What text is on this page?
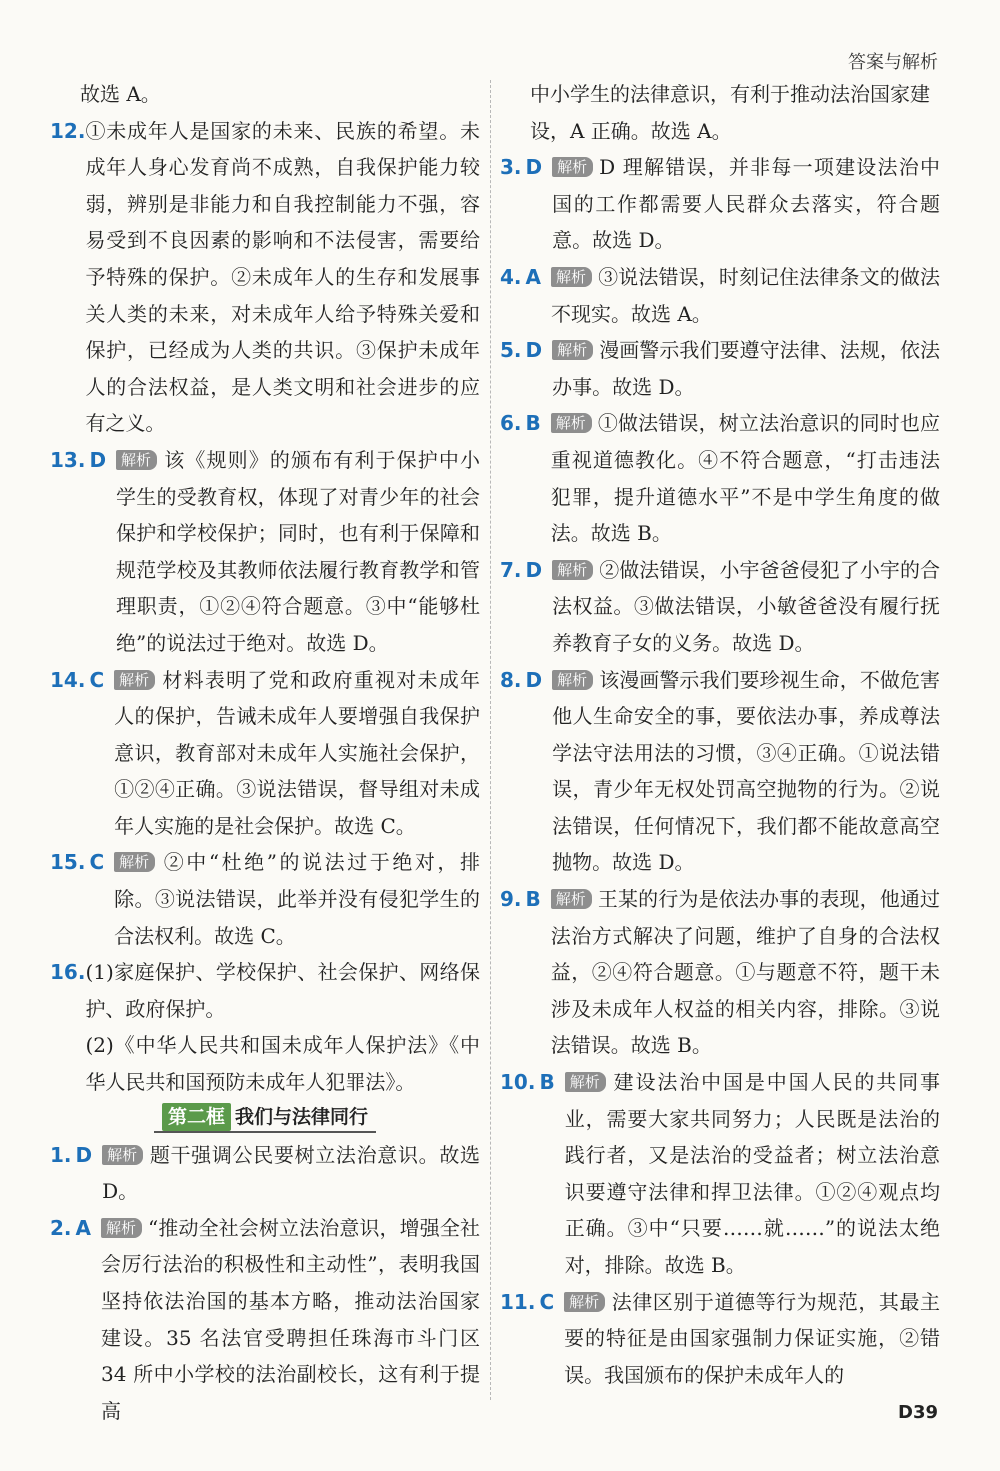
答案与解析
故选 A。
12. ①未成年人是国家的未来、民族的希望。未成年人身心发育尚不成熟，自我保护能力较弱，辨别是非能力和自我控制能力不强，容易受到不良因素的影响和不法侵害，需要给予特殊的保护。②未成年人的生存和发展事关人类的未来，对未成年人给予特殊关爱和保护，已经成为人类的共识。③保护未成年人的合法权益，是人类文明和社会进步的应有之义。
13. D	解析 该《规则》的颁布有利于保护中小学生的受教育权，体现了对青少年的社会保护和学校保护；同时，也有利于保障和规范学校及其教师依法履行教育教学和管理职责，①②④符合题意。③中“能够杜绝”的说法过于绝对。故选 D。
14. C	解析 材料表明了党和政府重视对未成年人的保护，告诫未成年人要增强自我保护意识，教育部对未成年人实施社会保护，①②④正确。③说法错误，督导组对未成年人实施的是社会保护。故选 C。
15. C	解析 ②中“杜绝”的说法过于绝对，排除。③说法错误，此举并没有侵犯学生的合法权利。故选 C。
16. (1)家庭保护、学校保护、社会保护、网络保护、政府保护。
(2)《中华人民共和国未成年人保护法》《中华人民共和国预防未成年人犯罪法》。
第二框 我们与法律同行
1. D	解析 题干强调公民要树立法治意识。故选 D。
2. A	解析 “推动全社会树立法治意识，增强全社会厉行法治的积极性和主动性”，表明我国坚持依法治国的基本方略，推动法治国家建设。35 名法官受聘担任珠海市斗门区 34 所中小学校的法治副校长，这有利于提高
中小学生的法律意识，有利于推动法治国家建设，A 正确。故选 A。
3. D	解析 D 理解错误，并非每一项建设法治中国的工作都需要人民群众去落实，符合题意。故选 D。
4. A	解析 ③说法错误，时刻记住法律条文的做法不现实。故选 A。
5. D	解析 漫画警示我们要遵守法律、法规，依法办事。故选 D。
6. B	解析 ①做法错误，树立法治意识的同时也应重视道德教化。④不符合题意，“打击违法犯罪，提升道德水平”不是中学生角度的做法。故选 B。
7. D	解析 ②做法错误，小宇爸爸侵犯了小宇的合法权益。③做法错误，小敏爸爸没有履行抚养教育子女的义务。故选 D。
8. D	解析 该漫画警示我们要珍视生命，不做危害他人生命安全的事，要依法办事，养成尊法学法守法用法的习惯，③④正确。①说法错误，青少年无权处罚高空抛物的行为。②说法错误，任何情况下，我们都不能故意高空抛物。故选 D。
9. B	解析 王某的行为是依法办事的表现，他通过法治方式解决了问题，维护了自身的合法权益，②④符合题意。①与题意不符，题干未涉及未成年人权益的相关内容，排除。③说法错误。故选 B。
10. B	解析 建设法治中国是中国人民的共同事业，需要大家共同努力；人民既是法治的践行者，又是法治的受益者；树立法治意识要遵守法律和捍卫法律。①②④观点均正确。③中“只要……就……”的说法太绝对，排除。故选 B。
11. C	解析 法律区别于道德等行为规范，其最主要的特征是由国家强制力保证实施，②错误。我国颁布的保护未成年人的
D39
